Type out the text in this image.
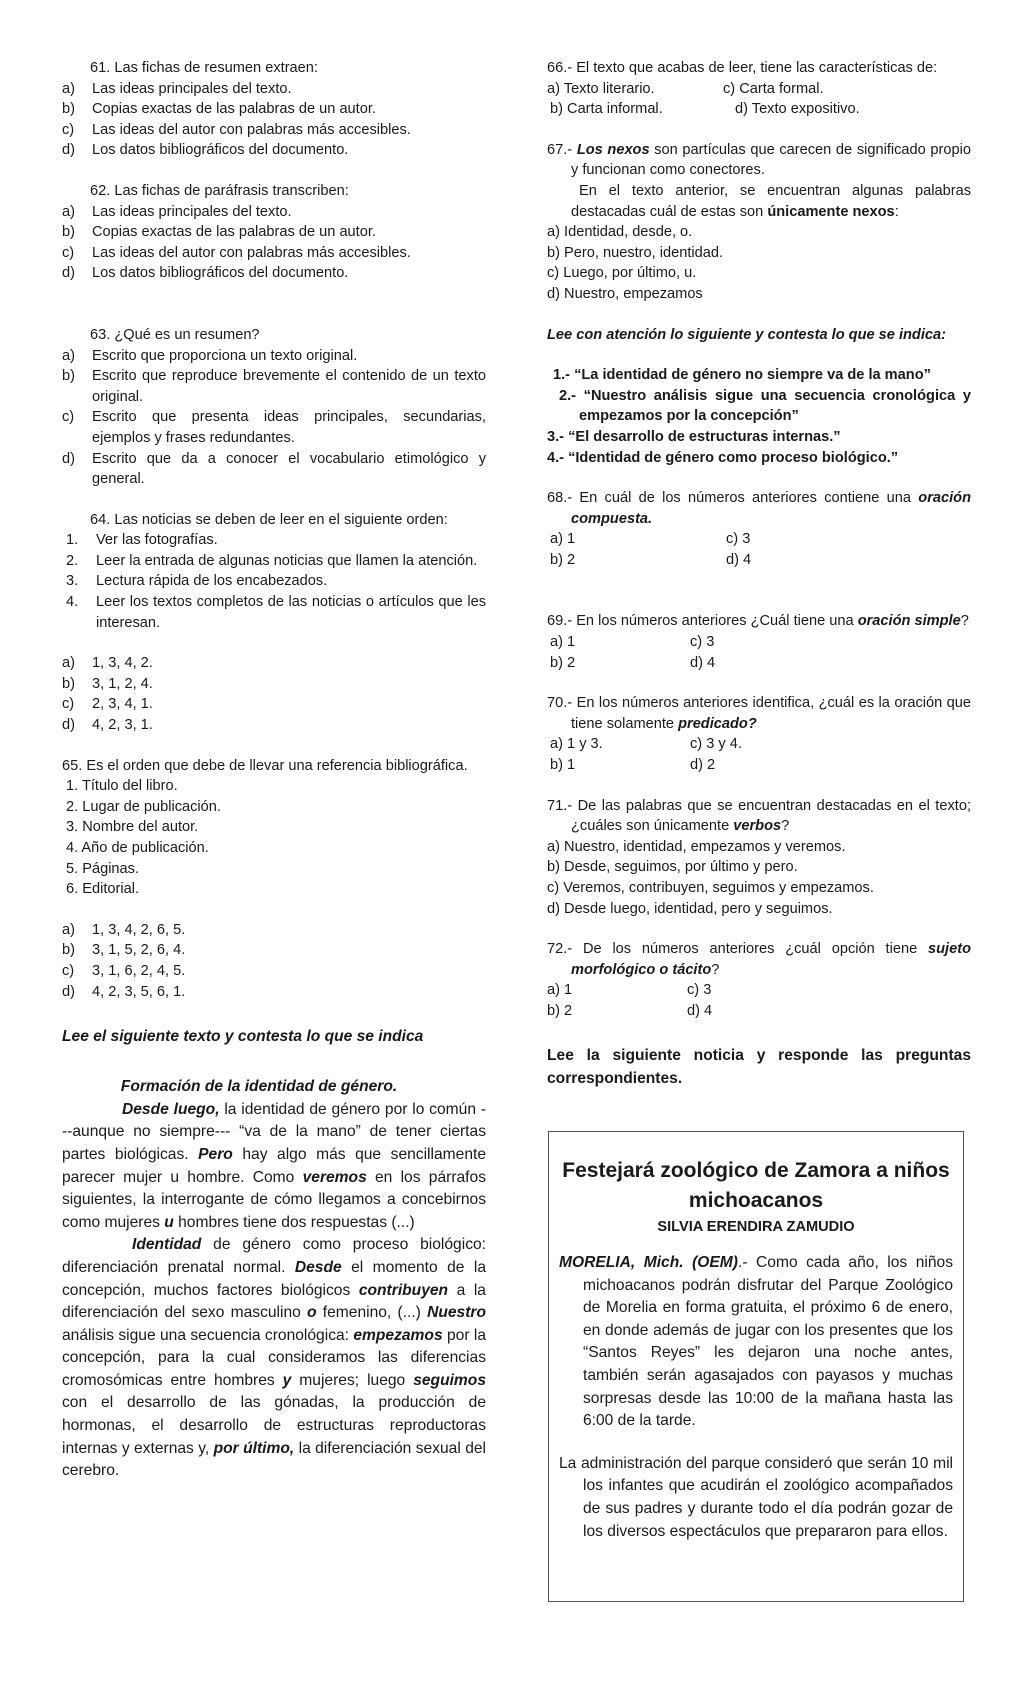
61. Las fichas de resumen extraen:

a)	Las ideas principales del texto.
b)	Copias exactas de las palabras de un autor.
c)	Las ideas del autor con palabras más accesibles.
d)	Los datos bibliográficos del documento.

62. Las fichas de paráfrasis transcriben:

a)	Las ideas principales del texto.
b)	Copias exactas de las palabras de un autor.
c)	Las ideas del autor con palabras más accesibles.
d)	Los datos bibliográficos del documento.

63. ¿Qué es un resumen?

a)	Escrito que proporciona un texto original.
b)	Escrito que reproduce brevemente el contenido de un texto original.
c)	Escrito que presenta ideas principales, secundarias, ejemplos y frases redundantes.
d)	Escrito que da a conocer el vocabulario etimológico y general.

64. Las noticias se deben de leer en el siguiente orden:

1.	Ver las fotografías.
2.	Leer la entrada de algunas noticias que llamen la atención.
3.	Lectura rápida de los encabezados.
4.	Leer los textos completos de las noticias o artículos que les interesan.
a)	1, 3, 4, 2.
b)	3, 1, 2, 4.
c)	2, 3, 4, 1.
d)	4, 2, 3, 1.

65. Es el orden que debe de llevar una referencia bibliográfica.

1. Título del libro.

2. Lugar de publicación.

3. Nombre del autor.

4. Año de publicación.

5. Páginas.

6. Editorial.

a)	1, 3, 4, 2, 6, 5.
b)	3, 1, 5, 2, 6, 4.
c)	3, 1, 6, 2, 4, 5.
d)	4, 2, 3, 5, 6, 1.

Lee el siguiente texto y contesta lo que se indica

Formación de la identidad de género.

Desde luego, la identidad de género por lo común ---aunque no siempre--- “va de la mano” de tener ciertas partes biológicas. Pero hay algo más que sencillamente parecer mujer u hombre. Como veremos en los párrafos siguientes, la interrogante de cómo llegamos a concebirnos como mujeres u hombres tiene dos respuestas (...)

Identidad de género como proceso biológico: diferenciación prenatal normal. Desde el momento de la concepción, muchos factores biológicos contribuyen a la diferenciación del sexo masculino o femenino, (...) Nuestro análisis sigue una secuencia cronológica: empezamos por la concepción, para la cual consideramos las diferencias cromosómicas entre hombres y mujeres; luego seguimos con el desarrollo de las gónadas, la producción de hormonas, el desarrollo de estructuras reproductoras internas y externas y, por último, la diferenciación sexual del cerebro.

66.- El texto que acabas de leer, tiene las características de:

a) Texto literario.	c) Carta formal.
b) Carta informal.	d) Texto expositivo.

67.- Los nexos son partículas que carecen de significado propio y funcionan como conectores.

En el texto anterior, se encuentran algunas palabras destacadas cuál de estas son únicamente nexos:

a) Identidad, desde, o.

b) Pero, nuestro, identidad.

c) Luego, por último, u.

d) Nuestro, empezamos

Lee con atención lo siguiente y contesta lo que se indica:

1.- “La identidad de género no siempre va de la mano”

2.- “Nuestro análisis sigue una secuencia cronológica y empezamos por la concepción”

3.- “El desarrollo de estructuras internas.”

4.- “Identidad de género como proceso biológico.”

68.- En cuál de los números anteriores contiene una oración compuesta.

a) 1	c) 3
b) 2	d) 4

69.- En los números anteriores ¿Cuál tiene una oración simple?

a) 1	c) 3
b) 2	d) 4

70.- En los números anteriores identifica, ¿cuál es la oración que tiene solamente predicado?

a) 1 y 3.	c) 3 y 4.
b) 1	d) 2

71.- De las palabras que se encuentran destacadas en el texto; ¿cuáles son únicamente verbos?

a) Nuestro, identidad, empezamos y veremos.

b) Desde, seguimos, por último y pero.

c) Veremos, contribuyen, seguimos y empezamos.

d) Desde luego, identidad, pero y seguimos.

72.- De los números anteriores ¿cuál opción tiene sujeto morfológico o tácito?

a) 1	c) 3
b) 2	d) 4

Lee la siguiente noticia y responde las preguntas correspondientes.

Festejará zoológico de Zamora a niños michoacanos

SILVIA ERENDIRA ZAMUDIO

MORELIA, Mich. (OEM).- Como cada año, los niños michoacanos podrán disfrutar del Parque Zoológico de Morelia en forma gratuita, el próximo 6 de enero, en donde además de jugar con los presentes que los “Santos Reyes” les dejaron una noche antes, también serán agasajados con payasos y muchas sorpresas desde las 10:00 de la mañana hasta las 6:00 de la tarde.

La administración del parque consideró que serán 10 mil los infantes que acudirán el zoológico acompañados de sus padres y durante todo el día podrán gozar de los diversos espectáculos que prepararon para ellos.
